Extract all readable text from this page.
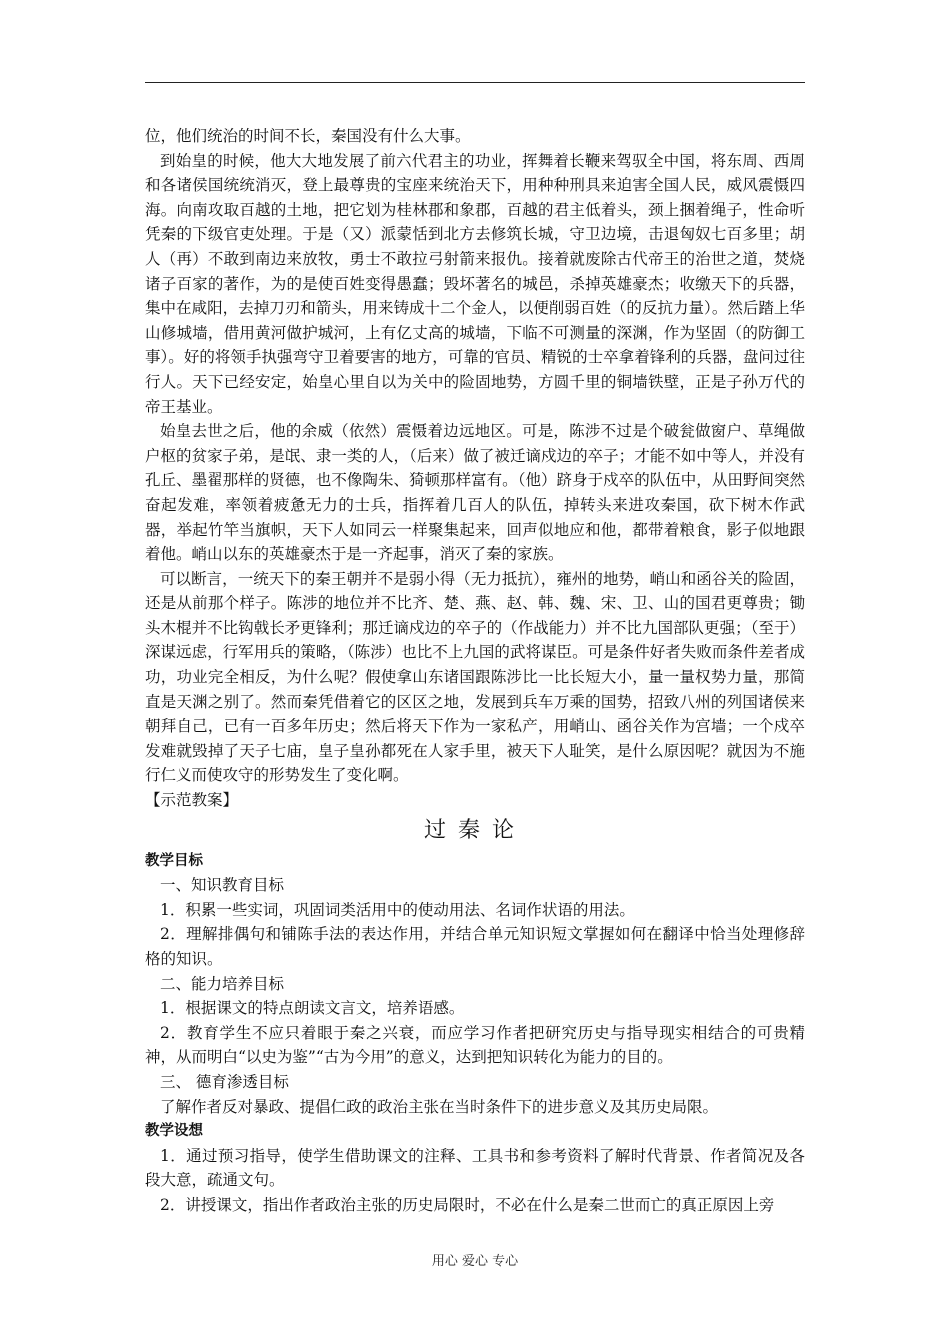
位，他们统治的时间不长，秦国没有什么大事。

到始皇的时候，他大大地发展了前六代君主的功业，挥舞着长鞭来驾驭全中国，将东周、西周和各诸侯国统统消灭，登上最尊贵的宝座来统治天下，用种种刑具来迫害全国人民，威风震慑四海。向南攻取百越的土地，把它划为桂林郡和象郡，百越的君主低着头，颈上捆着绳子，性命听凭秦的下级官吏处理。于是（又）派蒙恬到北方去修筑长城，守卫边境，击退匈奴七百多里；胡人（再）不敢到南边来放牧，勇士不敢拉弓射箭来报仇。接着就废除古代帝王的治世之道，焚烧诸子百家的著作，为的是使百姓变得愚蠢；毁坏著名的城邑，杀掉英雄豪杰；收缴天下的兵器，集中在咸阳，去掉刀刃和箭头，用来铸成十二个金人，以便削弱百姓（的反抗力量）。然后踏上华山修城墙，借用黄河做护城河，上有亿丈高的城墙，下临不可测量的深渊，作为坚固（的防御工事）。好的将领手执强弯守卫着要害的地方，可靠的官员、精锐的士卒拿着锋利的兵器，盘问过往行人。天下已经安定，始皇心里自以为关中的险固地势，方圆千里的铜墙铁壁，正是子孙万代的帝王基业。

始皇去世之后，他的余威（依然）震慑着边远地区。可是，陈涉不过是个破瓮做窗户、草绳做户枢的贫家子弟，是氓、隶一类的人，（后来）做了被迁谪戍边的卒子；才能不如中等人，并没有孔丘、墨翟那样的贤德，也不像陶朱、猗顿那样富有。（他）跻身于戍卒的队伍中，从田野间突然奋起发难，率领着疲惫无力的士兵，指挥着几百人的队伍，掉转头来进攻秦国，砍下树木作武器，举起竹竿当旗帜，天下人如同云一样聚集起来，回声似地应和他，都带着粮食，影子似地跟着他。峭山以东的英雄豪杰于是一齐起事，消灭了秦的家族。

可以断言，一统天下的秦王朝并不是弱小得（无力抵抗），雍州的地势，峭山和函谷关的险固，还是从前那个样子。陈涉的地位并不比齐、楚、燕、赵、韩、魏、宋、卫、山的国君更尊贵；锄头木棍并不比钩戟长矛更锋利；那迁谪戍边的卒子的（作战能力）并不比九国部队更强；（至于）深谋远虑，行军用兵的策略，（陈涉）也比不上九国的武将谋臣。可是条件好者失败而条件差者成功，功业完全相反，为什么呢？假使拿山东诸国跟陈涉比一比长短大小，量一量权势力量，那简直是天渊之别了。然而秦凭借着它的区区之地，发展到兵车万乘的国势，招致八州的列国诸侯来朝拜自己，已有一百多年历史；然后将天下作为一家私产，用峭山、函谷关作为宫墙；一个戍卒发难就毁掉了天子七庙，皇子皇孙都死在人家手里，被天下人耻笑，是什么原因呢？就因为不施行仁义而使攻守的形势发生了变化啊。

【示范教案】

过秦论

教学目标

一、知识教育目标

1．积累一些实词，巩固词类活用中的使动用法、名词作状语的用法。

2．理解排偶句和铺陈手法的表达作用，并结合单元知识短文掌握如何在翻译中恰当处理修辞格的知识。

二、能力培养目标

1．根据课文的特点朗读文言文，培养语感。

2．教育学生不应只着眼于秦之兴衰，而应学习作者把研究历史与指导现实相结合的可贵精神，从而明白“以史为鉴”“古为今用”的意义，达到把知识转化为能力的目的。

三、 德育渗透目标

了解作者反对暴政、提倡仁政的政治主张在当时条件下的进步意义及其历史局限。

教学设想

1．通过预习指导，使学生借助课文的注释、工具书和参考资料了解时代背景、作者简况及各段大意，疏通文句。

2．讲授课文，指出作者政治主张的历史局限时，不必在什么是秦二世而亡的真正原因上旁

用心 爱心 专心
